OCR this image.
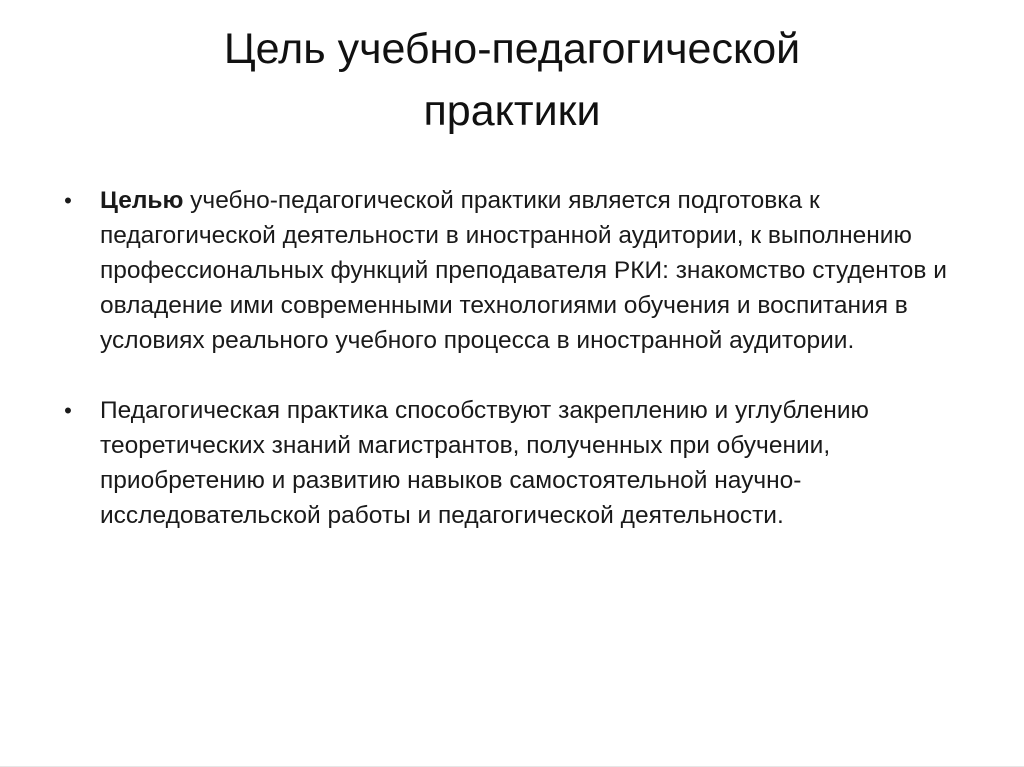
Цель учебно-педагогической
практики
• Целью учебно-педагогической практики является подготовка к педагогической деятельности в иностранной аудитории, к выполнению профессиональных функций преподавателя РКИ: знакомство студентов и овладение ими современными технологиями обучения и воспитания в условиях реального учебного процесса в иностранной аудитории.
• Педагогическая практика способствуют закреплению и углублению теоретических знаний магистрантов, полученных при обучении, приобретению и развитию навыков самостоятельной научно-исследовательской работы и педагогической деятельности.
